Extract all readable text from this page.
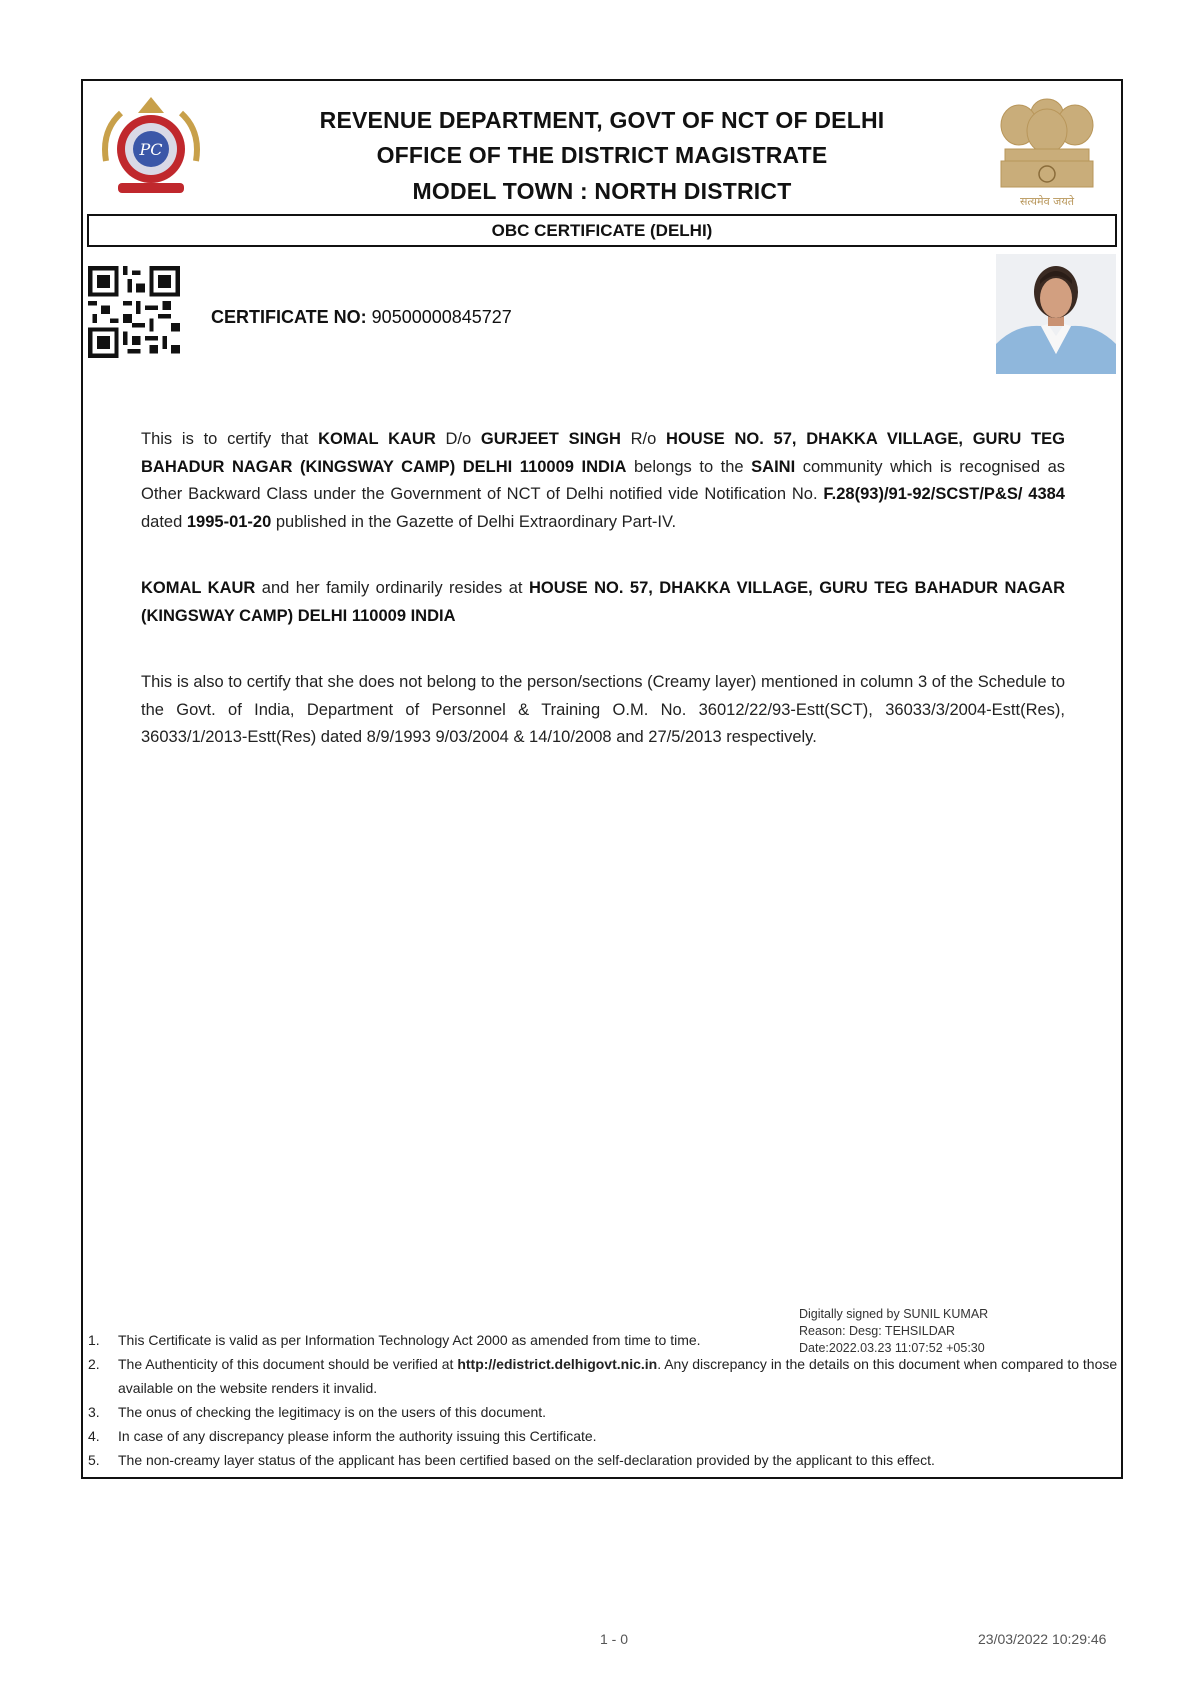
PC
REVENUE DEPARTMENT, GOVT OF NCT OF DELHI
OFFICE OF THE DISTRICT MAGISTRATE
MODEL TOWN : NORTH DISTRICT	सत्यमेव जयते
OBC CERTIFICATE (DELHI)
CERTIFICATE NO: 90500000845727
This is to certify that KOMAL KAUR D/o GURJEET SINGH R/o HOUSE NO. 57, DHAKKA VILLAGE, GURU TEG BAHADUR NAGAR (KINGSWAY CAMP) DELHI 110009 INDIA belongs to the SAINI community which is recognised as Other Backward Class under the Government of NCT of Delhi notified vide Notification No. F.28(93)/91-92/SCST/P&S/ 4384 dated 1995-01-20 published in the Gazette of Delhi Extraordinary Part-IV.
KOMAL KAUR and her family ordinarily resides at HOUSE NO. 57, DHAKKA VILLAGE, GURU TEG BAHADUR NAGAR (KINGSWAY CAMP) DELHI 110009 INDIA
This is also to certify that she does not belong to the person/sections (Creamy layer) mentioned in column 3 of the Schedule to the Govt. of India, Department of Personnel & Training O.M. No. 36012/22/93-Estt(SCT), 36033/3/2004-Estt(Res), 36033/1/2013-Estt(Res) dated 8/9/1993 9/03/2004 & 14/10/2008 and 27/5/2013 respectively.
Digitally signed by SUNIL KUMAR
Reason: Desg: TEHSILDAR
Date:2022.03.23 11:07:52 +05:30
1.	This Certificate is valid as per Information Technology Act 2000 as amended from time to time.
2.	The Authenticity of this document should be verified at http://edistrict.delhigovt.nic.in. Any discrepancy in the details on this document when compared to those available on the website renders it invalid.
3.	The onus of checking the legitimacy is on the users of this document.
4.	In case of any discrepancy please inform the authority issuing this Certificate.
5.	The non-creamy layer status of the applicant has been certified based on the self-declaration provided by the applicant to this effect.
1 - 0	23/03/2022 10:29:46
